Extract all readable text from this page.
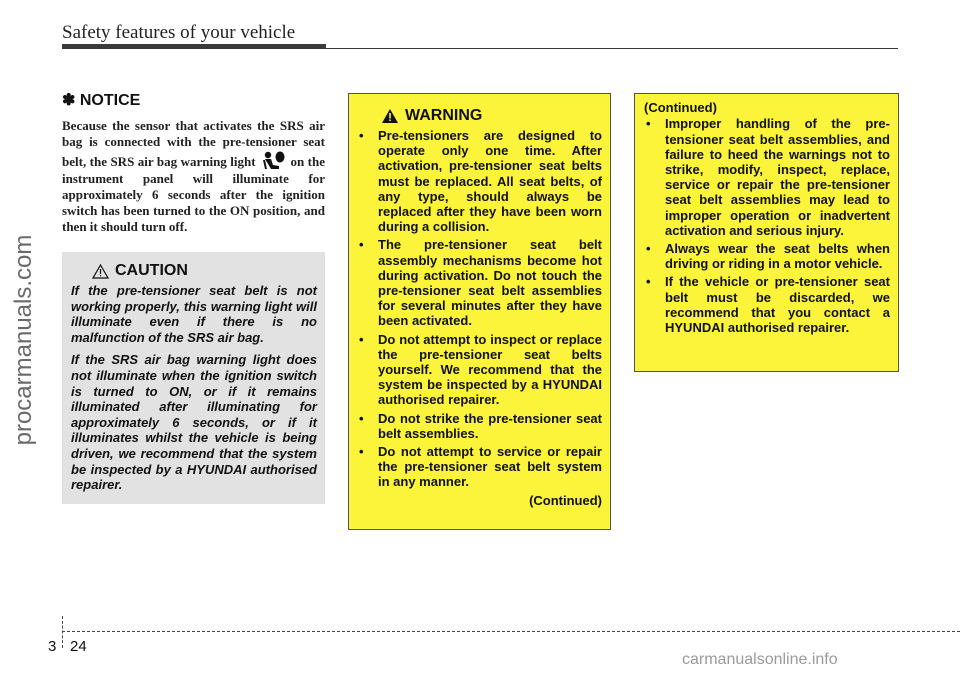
Safety features of your vehicle
procarmanuals.com
carmanualsonline.info
✽ NOTICE
Because the sensor that activates the SRS air bag is connected with the pre-tensioner seat belt, the SRS air bag warning light	on the instrument panel will illuminate for approximately 6 seconds after the ignition switch has been turned to the ON position, and then it should turn off.
CAUTION

If the pre-tensioner seat belt is not working properly, this warning light will illuminate even if there is no malfunction of the SRS air bag.

If the SRS air bag warning light does not illuminate when the ignition switch is turned to ON, or if it remains illuminated after illuminating for approximately 6 seconds, or if it illuminates whilst the vehicle is being driven, we recommend that the system be inspected by a HYUNDAI authorised repairer.

WARNING
• Pre-tensioners are designed to operate only one time. After activation, pre-tensioner seat belts must be replaced. All seat belts, of any type, should always be replaced after they have been worn during a collision.
• The pre-tensioner seat belt assembly mechanisms become hot during activation. Do not touch the pre-tensioner seat belt assemblies for several minutes after they have been activated.
• Do not attempt to inspect or replace the pre-tensioner seat belts yourself. We recommend that the system be inspected by a HYUNDAI authorised repairer.
• Do not strike the pre-tensioner seat belt assemblies.
• Do not attempt to service or repair the pre-tensioner seat belt system in any manner.
(Continued)
(Continued)
• Improper handling of the pre-tensioner seat belt assemblies, and failure to heed the warnings not to strike, modify, inspect, replace, service or repair the pre-tensioner seat belt assemblies may lead to improper operation or inadvertent activation and serious injury.
• Always wear the seat belts when driving or riding in a motor vehicle.
• If the vehicle or pre-tensioner seat belt must be discarded, we recommend that you contact a HYUNDAI authorised repairer.
3 24
